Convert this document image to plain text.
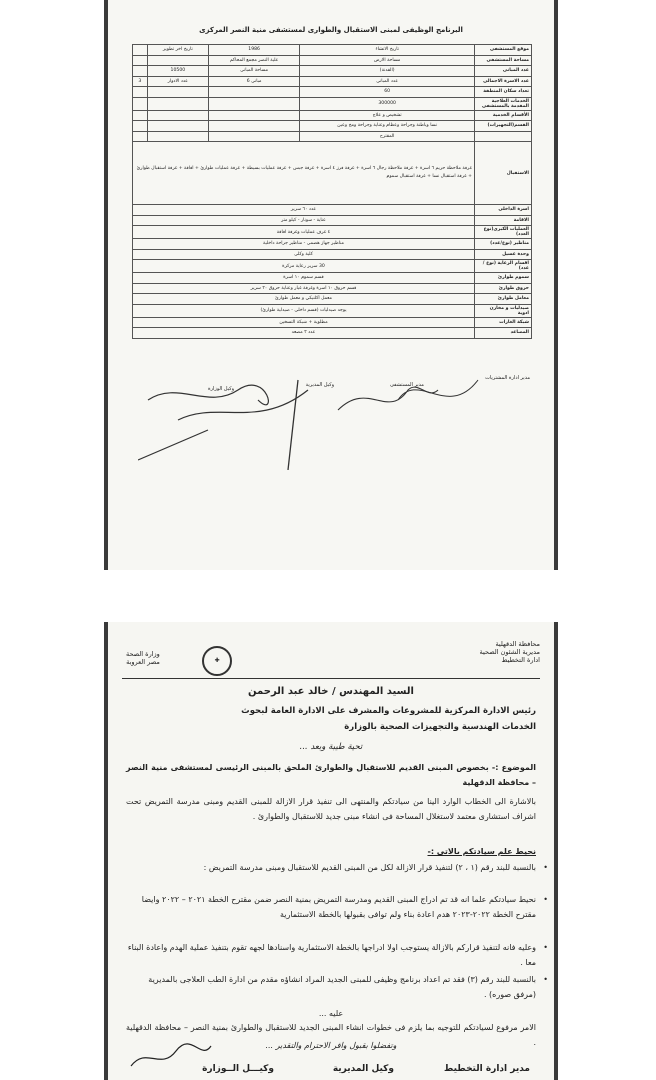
البرنامج الوظيفى لمبنى الاستقبال والطوارى لمستشفى منية النصر المركزى
موقع المستشفى	تاريخ الانشاء	1986	تاريخ اخر تطوير	
مساحة المستشفى	مساحة الارض	علية النصر مجمع المحاكم		
عدد المبانى	(الفدنة)	مساحة المبانى	10500	
عدد الاسرة الاجمالى	عدد المبانى	مبانى 6	عدد الادوار	3
تعداد سكان المنطقة	60			
الخدمات العلاجية المقدمة بالمستشفى	300000			
الأقسام الخدمية	تشخيص و علاج			
القسم(التجهيزات)	نسا وباطنة وجراحة وعظام وعناية وجراحة ومخ وعين			
	المقترح			
الاستقبال	غرفة ملاحظة حريم ٦ اسرة + غرفة ملاحظة رجال ٦ اسرة + غرفة فرز ٤ اسرة + غرفة جبس + غرفة عمليات بسيطة + غرفة عمليات طوارئ + افاقة + غرفة استقبال طوارئ + غرفة استقبال نسا + غرفة استقبال سموم			
اسرة الداخلى	عدد ٦٠ سرير			
الاقامة	عناية - سونار - كيلو متر			
العمليات الكبرى(نوع العدد)	٤ غرف عمليات وغرفة افاقة			
مناظير (نوع/عدد)	مناظير جهاز هضمى - مناظير جراحة داخلية			
وحدة غسيل	كلية وكلى			
اقسام الرعاية (نوع / عدد)	30 سرير رعاية مركزة			
سموم طوارئ	قسم سموم ١٠ اسرة			
حروق طوارئ	قسم حروق ١٠ اسرة وغرفة غيار وعناية حروق ٢٠ سرير			
معامل طوارئ	معمل اكلنيكي و معمل طوارئ			
صيدليات و مخازن ادوية	يوجد صيدليات (قسم داخلى - صيدلية طوارئ)			
شبكة الغازات	مطلوبة + شبكة التسخين			
المصاعد	عدد ٢ مصعد			
مدير ادارة المشتريات
مدير المستشفى
وكيل المديرية
وكيل الوزارة
محافظة الدقهلية
مديرية الشئون الصحية
ادارة التخطيط
✚
وزارة الصحة
مصر العروبة
السيد المهندس / خالد عبد الرحمن
رئيس الادارة المركزية للمشروعات والمشرف على الادارة العامة لبحوث
الخدمات الهندسية والتجهيزات الصحية بالوزارة
تحية طيبة وبعد ...
الموضوع :- بخصوص المبنى القديم للاستقبال والطوارئ الملحق بالمبنى الرئيسى لمستشفى منية النصر – محافظة الدقهلية
بالاشارة الى الخطاب الوارد الينا من سيادتكم والمنتهى الى تنفيذ قرار الازالة للمبنى القديم ومبنى مدرسة التمريض تحت اشراف استشارى معتمد لاستغلال المساحة فى انشاء مبنى جديد للاستقبال والطوارئ .
نحيط علم سيادتكم بالاتى :-
• بالنسبة للبند رقم (١ ، ٢) لتنفيذ قرار الازالة لكل من المبنى القديم للاستقبال ومبنى مدرسة التمريض :
• نحيط سيادتكم علما انه قد تم ادراج المبنى القديم ومدرسة التمريض بمنية النصر ضمن مقترح الخطة ٢٠٢١ – ٢٠٢٢ وايضا مقترح الخطة ٢٠٢٢-٢٠٢٣ هدم اعادة بناء ولم توافى بقبولها بالخطة الاستثمارية
• وعليه فانه لتنفيذ قراركم بالازالة يستوجب اولا ادراجها بالخطة الاستثمارية واسنادها لجهه تقوم بتنفيذ عملية الهدم واعادة البناء معا .
• بالنسبة للبند رقم (٣) فقد تم اعداد برنامج وظيفى للمبنى الجديد المراد انشاؤه مقدم من ادارة الطب العلاجى بالمديرية (مرفق صوره) .
عليه ...
الامر مرفوع لسيادتكم للتوجيه بما يلزم فى خطوات انشاء المبنى الجديد للاستقبال والطوارئ بمنية النصر – محافظة الدقهلية .
وتفضلوا بقبول وافر الاحترام والتقدير ...
مدير ادارة التخطيط
وكيل المديرية
وكيـــل الــوزارة
